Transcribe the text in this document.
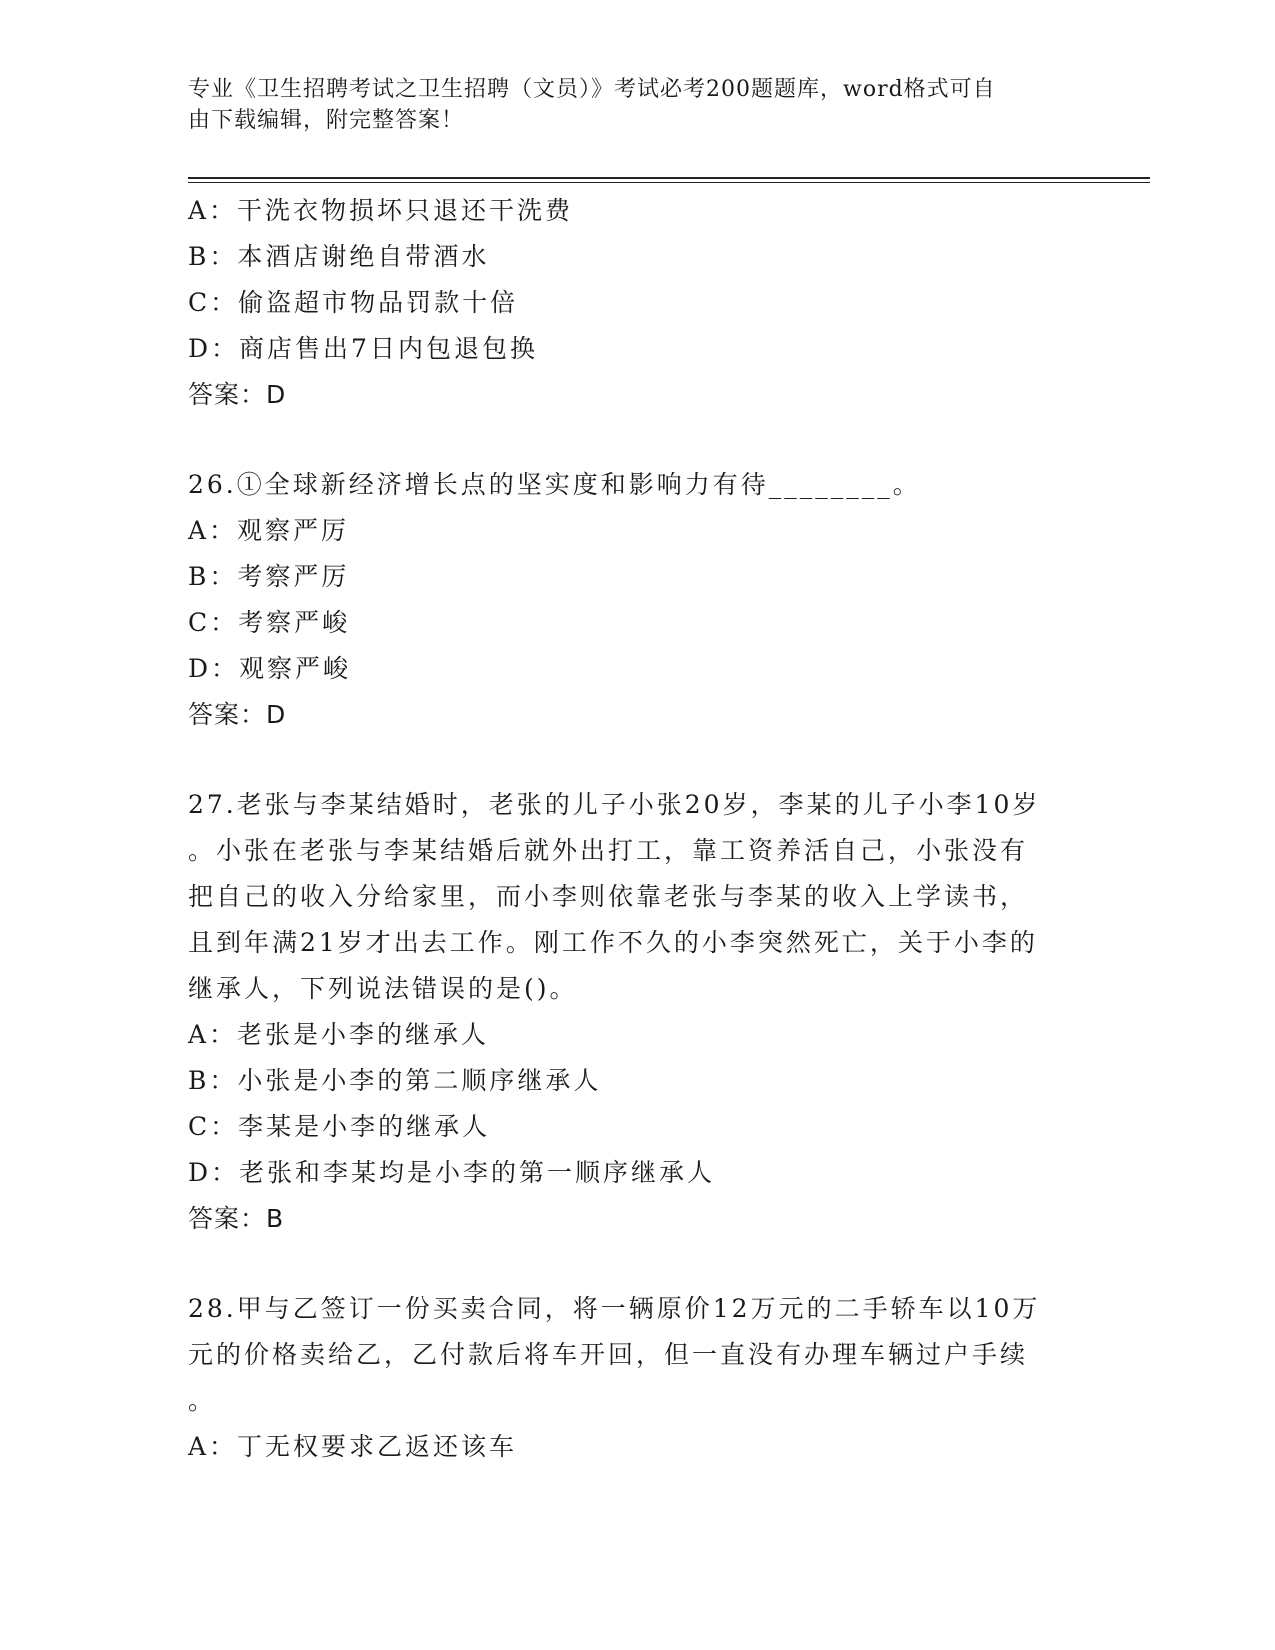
专业《卫生招聘考试之卫生招聘（文员）》考试必考200题题库，word格式可自
由下载编辑，附完整答案！
A：干洗衣物损坏只退还干洗费
B：本酒店谢绝自带酒水
C：偷盗超市物品罚款十倍
D：商店售出7日内包退包换
答案：D
26.①全球新经济增长点的坚实度和影响力有待________。
A：观察严厉
B：考察严厉
C：考察严峻
D：观察严峻
答案：D
27.老张与李某结婚时，老张的儿子小张20岁，李某的儿子小李10岁
。小张在老张与李某结婚后就外出打工，靠工资养活自己，小张没有
把自己的收入分给家里，而小李则依靠老张与李某的收入上学读书，
且到年满21岁才出去工作。刚工作不久的小李突然死亡，关于小李的
继承人，下列说法错误的是()。
A：老张是小李的继承人
B：小张是小李的第二顺序继承人
C：李某是小李的继承人
D：老张和李某均是小李的第一顺序继承人
答案：B
28.甲与乙签订一份买卖合同，将一辆原价12万元的二手轿车以10万
元的价格卖给乙，乙付款后将车开回，但一直没有办理车辆过户手续
。
A：丁无权要求乙返还该车
